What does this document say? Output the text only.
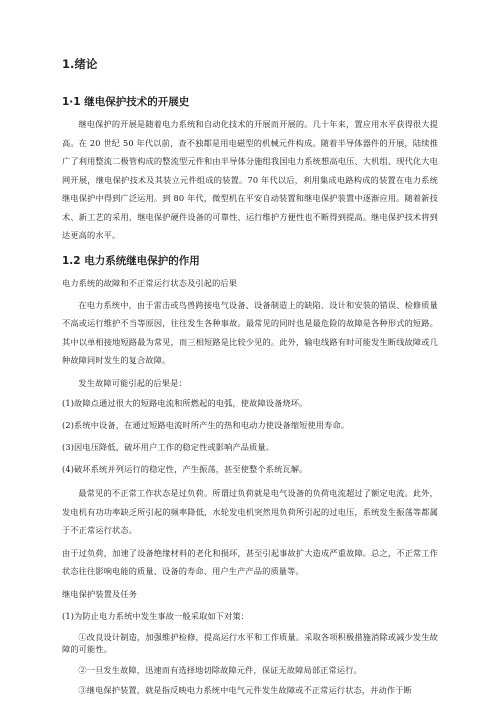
1.绪论
1·1 继电保护技术的开展史

继电保护的开展是随着电力系统和自动化技术的开展而开展的。几十年来，置应用水平获得很大提高。在 20 世纪 50 年代以前，查不独都是用电磁型的机械元件构成。随着半导体器件的开展，陆续推广了利用整流二极管构成的整流型元件和由半导体分施组我国电力系统想高电压、大机组、现代化大电网开展，继电保护技术及其装立元件组成的装置。70 年代以后，利用集成电路构成的装置在电力系统继电保护中得到广泛运用。到 80 年代，微型机在平安自动装置和继电保护装置中逐渐应用。随着新技术、新工艺的采用，继电保护硬件设备的可靠性、运行维护方便性也不断得到提高。继电保护技术将到达更高的水平。

1.2 电力系统继电保护的作用

电力系统的故障和不正常运行状态及引起的后果

在电力系统中，由于雷击或鸟兽跨接电气设备、设备制造上的缺陷、设计和安装的错误、检修质量不高或运行维护不当等原因，往往发生各种事故。最常见的同时也是最危险的故障是各种形式的短路。其中以单相接地短路最为常见，而三相短路是比较少见的。此外，输电线路有时可能发生断线故障或几种故障同时发生的复合故障。

发生故障可能引起的后果是：

(1)故障点通过很大的短路电流和所燃起的电弧，使故障设备烧坏。

(2)系统中设备，在通过短路电流时所产生的热和电动力使设备缩短使用寿命。

(3)因电压降低，破坏用户工作的稳定性或影响产品质量。

(4)破坏系统并列运行的稳定性，产生振荡，甚至使整个系统瓦解。

最常见的不正常工作状态是过负荷。所谓过负荷就是电气设备的负荷电流超过了额定电流。此外，发电机有功功率缺乏所引起的频率降低，水轮发电机突然甩负荷所引起的过电压，系统发生振荡等都属于不正常运行状态。

由于过负荷，加速了设备绝缘材料的老化和损坏，甚至引起事故扩大造成严重故障。总之，不正常工作状态往往影响电能的质量、设备的寿命、用户生产产品的质量等。

继电保护装置及任务

(1)为防止电力系统中发生事故一般采取如下对策：

①改良设计制造，加强维护检修，提高运行水平和工作质量。采取各项积极措施消除或减少发生故障的可能性。

②一旦发生故障，迅速而有选择地切除故障元件，保证无故障局部正常运行。

③继电保护装置，就是指反映电力系统中电气元件发生故障或不正常运行状态，并动作于断
